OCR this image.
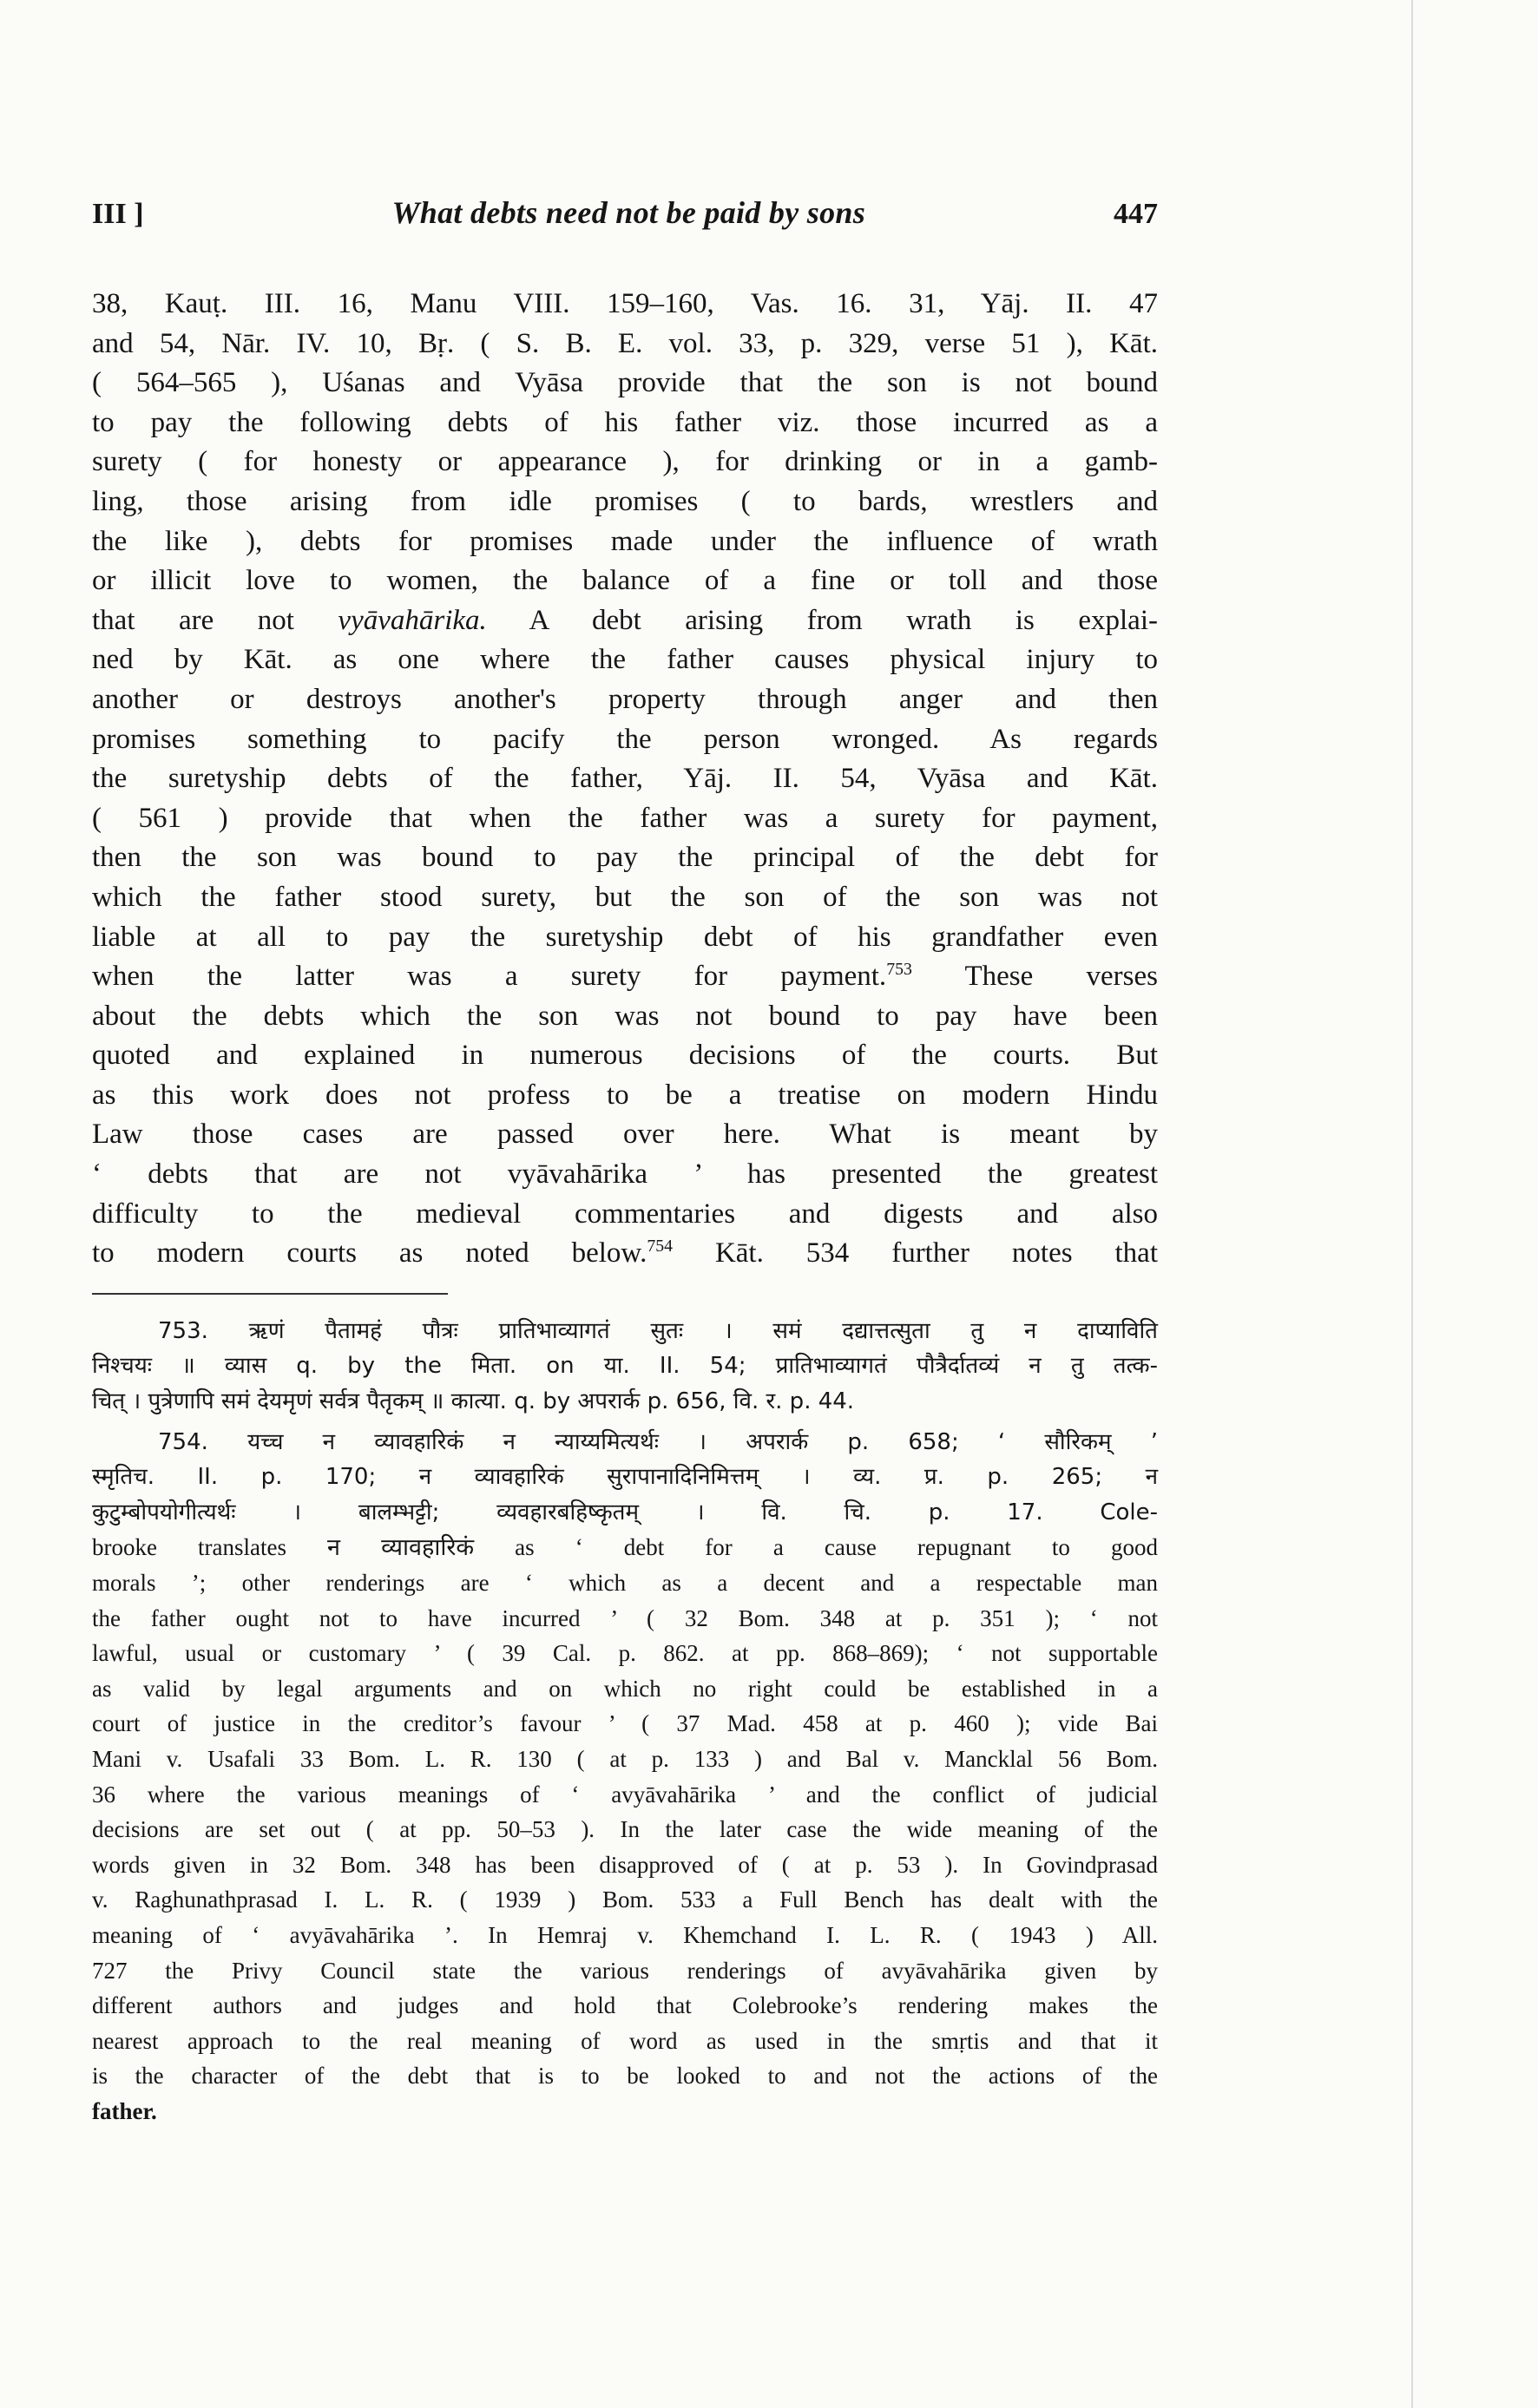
III ]	What debts need not be paid by sons	447
38, Kauṭ. III. 16, Manu VIII. 159–160, Vas. 16. 31, Yāj. II. 47
and 54, Nār. IV. 10, Bṛ. ( S. B. E. vol. 33, p. 329, verse 51 ), Kāt.
( 564–565 ), Uśanas and Vyāsa provide that the son is not bound
to pay the following debts of his father viz. those incurred as a
surety ( for honesty or appearance ), for drinking or in a gamb-
ling, those arising from idle promises ( to bards, wrestlers and
the like ), debts for promises made under the influence of wrath
or illicit love to women, the balance of a fine or toll and those
that are not vyāvahārika. A debt arising from wrath is explai-
ned by Kāt. as one where the father causes physical injury to
another or destroys another's property through anger and then
promises something to pacify the person wronged. As regards
the suretyship debts of the father, Yāj. II. 54, Vyāsa and Kāt.
( 561 ) provide that when the father was a surety for payment,
then the son was bound to pay the principal of the debt for
which the father stood surety, but the son of the son was not
liable at all to pay the suretyship debt of his grandfather even
when the latter was a surety for payment.$^{753}$ These verses
about the debts which the son was not bound to pay have been
quoted and explained in numerous decisions of the courts. But
as this work does not profess to be a treatise on modern Hindu
Law those cases are passed over here. What is meant by
‘ debts that are not vyāvahārika ’ has presented the greatest
difficulty to the medieval commentaries and digests and also
to modern courts as noted below.$^{754}$ Kāt. 534 further notes that
753. ऋणं पैतामहं पौत्रः प्रातिभाव्यागतं सुतः । समं दद्यात्तत्सुता तु न दाप्याविति
निश्चयः ॥ व्यास q. by the मिता. on या. II. 54; प्रातिभाव्यागतं पौत्रैर्दातव्यं न तु तत्क-
चित् । पुत्रेणापि समं देयमृणं सर्वत्र पैतृकम् ॥ कात्या. q. by अपरार्क p. 656, वि. र. p. 44.
754. यच्च न व्यावहारिकं न न्याय्यमित्यर्थः । अपरार्क p. 658; ‘ सौरिकम् ’
स्मृतिच. II. p. 170; न व्यावहारिकं सुरापानादिनिमित्तम् । व्य. प्र. p. 265; न
कुटुम्बोपयोगीत्यर्थः । बालम्भट्टी; व्यवहारबहिष्कृतम् । वि. चि. p. 17. Cole-
brooke translates न व्यावहारिकं as ‘ debt for a cause repugnant to good
morals ’; other renderings are ‘ which as a decent and a respectable man
the father ought not to have incurred ’ ( 32 Bom. 348 at p. 351 ); ‘ not
lawful, usual or customary ’ ( 39 Cal. p. 862. at pp. 868–869); ‘ not supportable
as valid by legal arguments and on which no right could be established in a
court of justice in the creditor’s favour ’ ( 37 Mad. 458 at p. 460 ); vide Bai
Mani v. Usafali 33 Bom. L. R. 130 ( at p. 133 ) and Bal v. Mancklal 56 Bom.
36 where the various meanings of ‘ avyāvahārika ’ and the conflict of judicial
decisions are set out ( at pp. 50–53 ). In the later case the wide meaning of the
words given in 32 Bom. 348 has been disapproved of ( at p. 53 ). In Govindprasad
v. Raghunathprasad I. L. R. ( 1939 ) Bom. 533 a Full Bench has dealt with the
meaning of ‘ avyāvahārika ’. In Hemraj v. Khemchand I. L. R. ( 1943 ) All.
727 the Privy Council state the various renderings of avyāvahārika given by
different authors and judges and hold that Colebrooke’s rendering makes the
nearest approach to the real meaning of word as used in the smṛtis and that it
is the character of the debt that is to be looked to and not the actions of the
father.
